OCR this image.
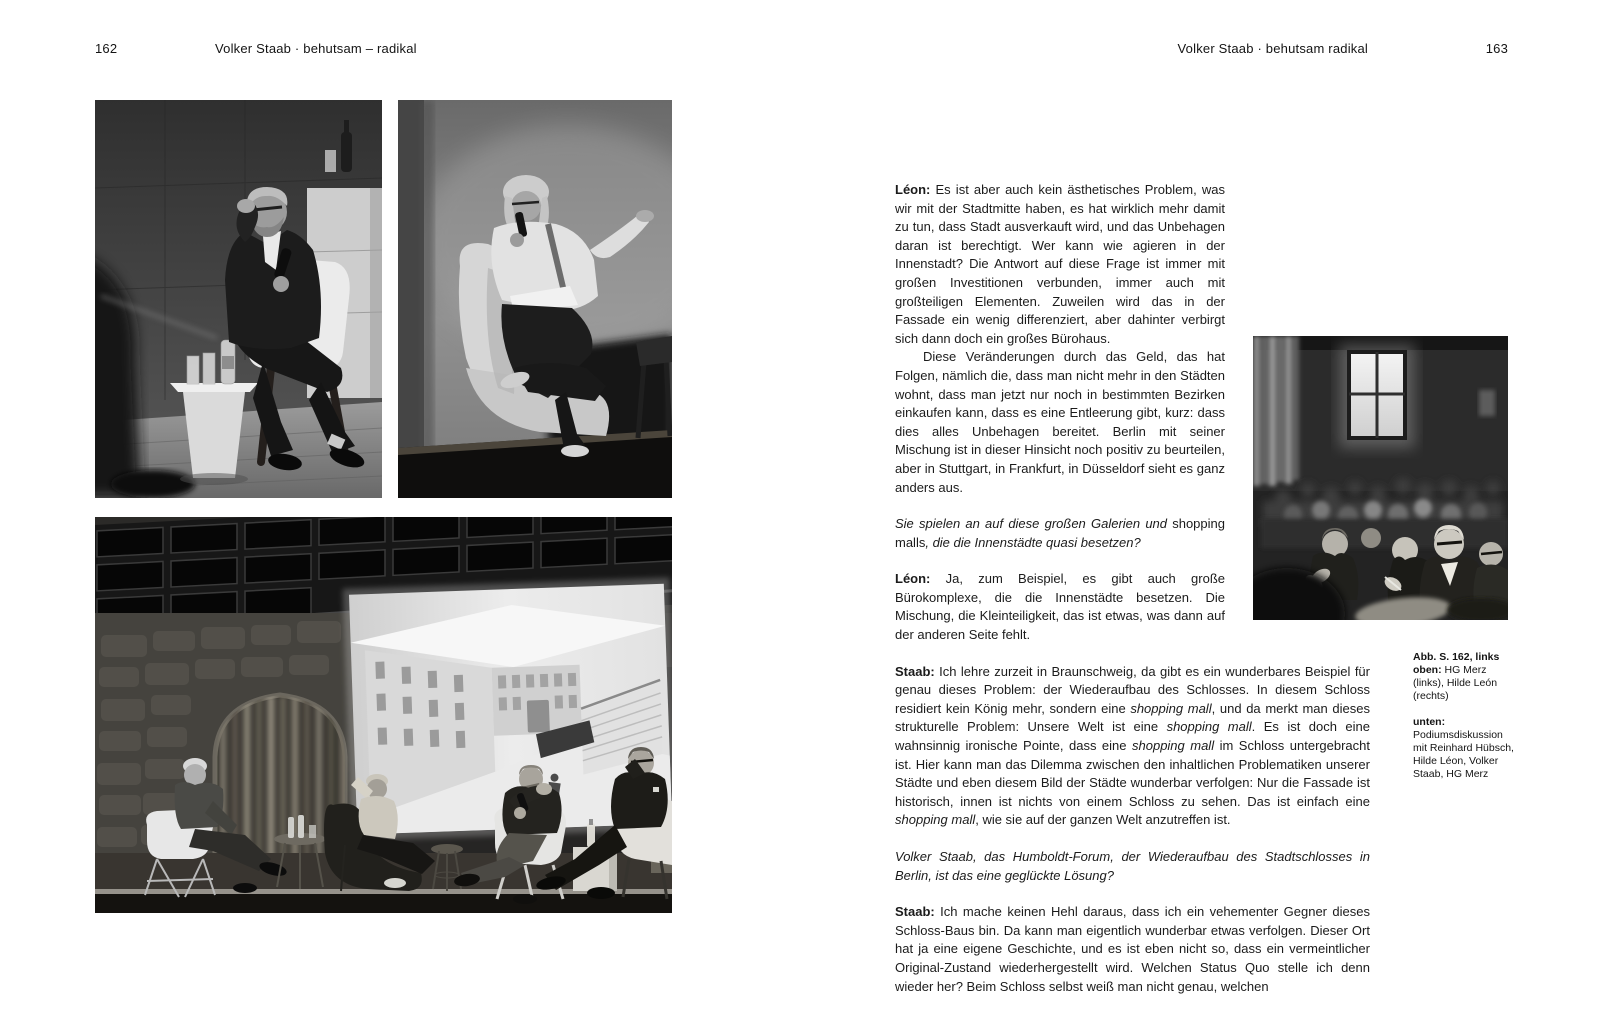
162	Volker Staab · behutsam – radikal	Volker Staab · behutsam radikal	163

Léon: Es ist aber auch kein ästhetisches Problem, was wir mit der Stadtmitte haben, es hat wirklich mehr damit zu tun, dass Stadt ausverkauft wird, und das Unbehagen daran ist berechtigt. Wer kann wie agieren in der Innenstadt? Die Antwort auf diese Frage ist immer mit großen Investitionen verbunden, immer auch mit großteiligen Elementen. Zuweilen wird das in der Fassade ein wenig differenziert, aber dahinter verbirgt sich dann doch ein großes Bürohaus.

Diese Veränderungen durch das Geld, das hat Folgen, nämlich die, dass man nicht mehr in den Städten wohnt, dass man jetzt nur noch in bestimmten Bezirken einkaufen kann, dass es eine Entleerung gibt, kurz: dass dies alles Unbehagen bereitet. Berlin mit seiner Mischung ist in dieser Hinsicht noch positiv zu beurteilen, aber in Stuttgart, in Frankfurt, in Düsseldorf sieht es ganz anders aus.

Sie spielen an auf diese großen Galerien und shopping malls, die die Innenstädte quasi besetzen?

Léon: Ja, zum Beispiel, es gibt auch große Bürokomplexe, die die Innenstädte besetzen. Die Mischung, die Kleinteiligkeit, das ist etwas, was dann auf der anderen Seite fehlt.

Staab: Ich lehre zurzeit in Braunschweig, da gibt es ein wunderbares Beispiel für genau dieses Problem: der Wiederaufbau des Schlosses. In diesem Schloss residiert kein König mehr, sondern eine shopping mall, und da merkt man dieses strukturelle Problem: Unsere Welt ist eine shopping mall. Es ist doch eine wahnsinnig ironische Pointe, dass eine shopping mall im Schloss untergebracht ist. Hier kann man das Dilemma zwischen den inhaltlichen Problematiken unserer Städte und eben diesem Bild der Städte wunderbar verfolgen: Nur die Fassade ist historisch, innen ist nichts von einem Schloss zu sehen. Das ist einfach eine shopping mall, wie sie auf der ganzen Welt anzutreffen ist.

Volker Staab, das Humboldt-Forum, der Wiederaufbau des Stadtschlosses in Berlin, ist das eine geglückte Lösung?

Staab: Ich mache keinen Hehl daraus, dass ich ein vehementer Gegner dieses Schloss-Baus bin. Da kann man eigentlich wunderbar etwas verfolgen. Dieser Ort hat ja eine eigene Geschichte, und es ist eben nicht so, dass ein vermeintlicher Original-Zustand wiederhergestellt wird. Welchen Status Quo stelle ich denn wieder her? Beim Schloss selbst weiß man nicht genau, welchen

Abb. S. 162, links oben: HG Merz (links), Hilde León (rechts)

unten: Podiumsdiskussion mit Reinhard Hübsch, Hilde Léon, Volker Staab, HG Merz
